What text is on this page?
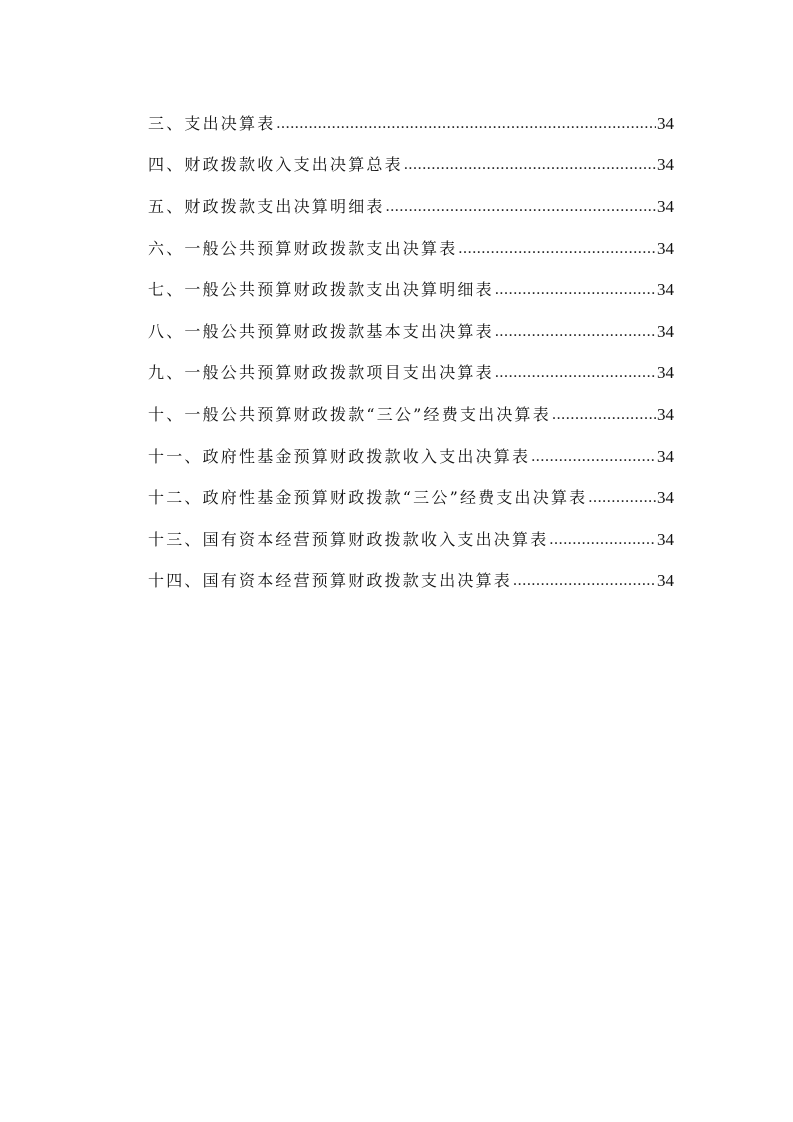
三、支出决算表 .....	34
四、财政拨款收入支出决算总表 .....	34
五、财政拨款支出决算明细表 .....	34
六、一般公共预算财政拨款支出决算表 .....	34
七、一般公共预算财政拨款支出决算明细表 .....	34
八、一般公共预算财政拨款基本支出决算表 .....	34
九、一般公共预算财政拨款项目支出决算表 .....	34
十、一般公共预算财政拨款“三公”经费支出决算表 .....	34
十一、政府性基金预算财政拨款收入支出决算表 .....	34
十二、政府性基金预算财政拨款“三公”经费支出决算表 .....	34
十三、国有资本经营预算财政拨款收入支出决算表 .....	34
十四、国有资本经营预算财政拨款支出决算表 .....	34
